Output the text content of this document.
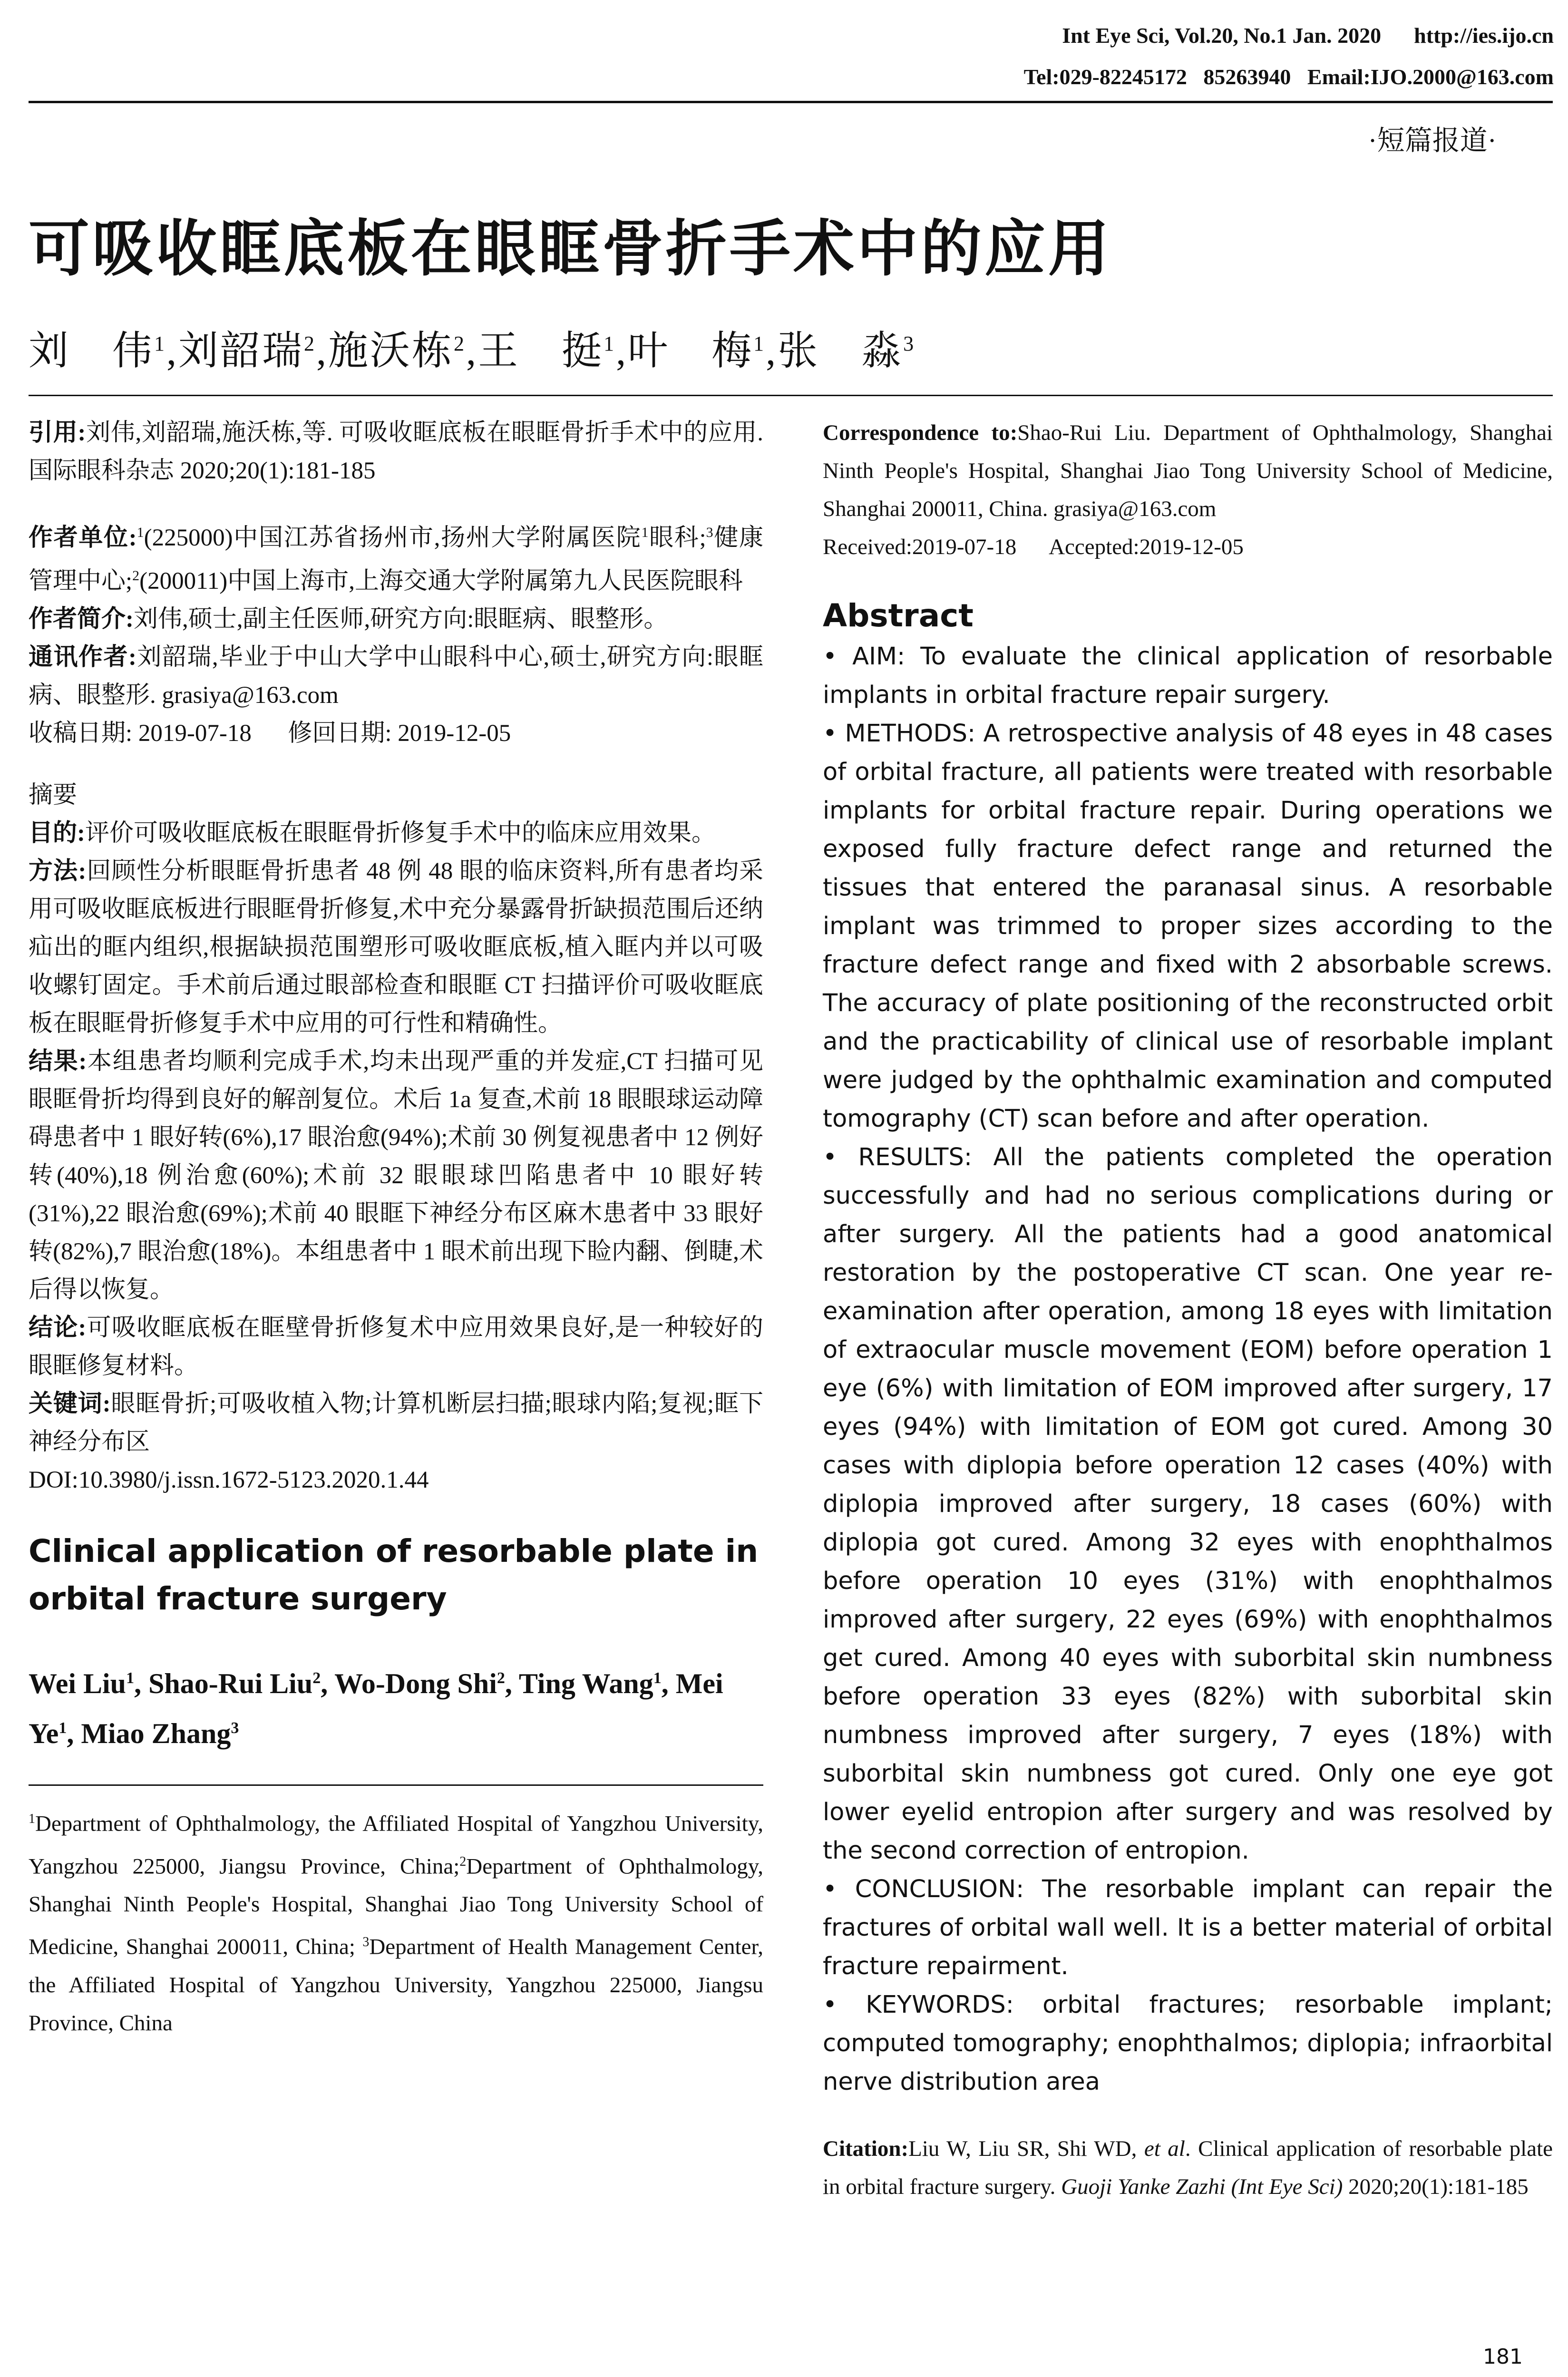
Int Eye Sci, Vol.20, No.1 Jan. 2020      http://ies.ijo.cn
Tel:029-82245172   85263940   Email:IJO.2000@163.com
·短篇报道·
可吸收眶底板在眼眶骨折手术中的应用
刘　伟$^1$,刘韶瑞$^2$,施沃栋$^2$,王　挺$^1$,叶　梅$^1$,张　淼$^3$

引用:刘伟,刘韶瑞,施沃栋,等. 可吸收眶底板在眼眶骨折手术中的应用.国际眼科杂志 2020;20(1):181-185

作者单位:$^1$(225000)中国江苏省扬州市,扬州大学附属医院$^1$眼科;$^3$健康管理中心;$^2$(200011)中国上海市,上海交通大学附属第九人民医院眼科

作者简介:刘伟,硕士,副主任医师,研究方向:眼眶病、眼整形。

通讯作者:刘韶瑞,毕业于中山大学中山眼科中心,硕士,研究方向:眼眶病、眼整形. grasiya@163.com

收稿日期: 2019-07-18      修回日期: 2019-12-05

摘要

目的:评价可吸收眶底板在眼眶骨折修复手术中的临床应用效果。

方法:回顾性分析眼眶骨折患者 48 例 48 眼的临床资料,所有患者均采用可吸收眶底板进行眼眶骨折修复,术中充分暴露骨折缺损范围后还纳疝出的眶内组织,根据缺损范围塑形可吸收眶底板,植入眶内并以可吸收螺钉固定。手术前后通过眼部检查和眼眶 CT 扫描评价可吸收眶底板在眼眶骨折修复手术中应用的可行性和精确性。

结果:本组患者均顺利完成手术,均未出现严重的并发症,CT 扫描可见眼眶骨折均得到良好的解剖复位。术后 1a 复查,术前 18 眼眼球运动障碍患者中 1 眼好转(6%),17 眼治愈(94%);术前 30 例复视患者中 12 例好转(40%),18 例治愈(60%);术前 32 眼眼球凹陷患者中 10 眼好转(31%),22 眼治愈(69%);术前 40 眼眶下神经分布区麻木患者中 33 眼好转(82%),7 眼治愈(18%)。本组患者中 1 眼术前出现下睑内翻、倒睫,术后得以恢复。

结论:可吸收眶底板在眶壁骨折修复术中应用效果良好,是一种较好的眼眶修复材料。

关键词:眼眶骨折;可吸收植入物;计算机断层扫描;眼球内陷;复视;眶下神经分布区

DOI:10.3980/j.issn.1672-5123.2020.1.44

Clinical application of resorbable plate in orbital fracture surgery
Wei Liu$^1$, Shao-Rui Liu$^2$, Wo-Dong Shi$^2$, Ting Wang$^1$, Mei Ye$^1$, Miao Zhang$^3$
$^1$Department of Ophthalmology, the Affiliated Hospital of Yangzhou University, Yangzhou 225000, Jiangsu Province, China;$^2$Department of Ophthalmology, Shanghai Ninth People's Hospital, Shanghai Jiao Tong University School of Medicine, Shanghai 200011, China; $^3$Department of Health Management Center, the Affiliated Hospital of Yangzhou University, Yangzhou 225000, Jiangsu Province, China
Correspondence to:Shao-Rui Liu. Department of Ophthalmology, Shanghai Ninth People's Hospital, Shanghai Jiao Tong University School of Medicine, Shanghai 200011, China. grasiya@163.com
Received:2019-07-18      Accepted:2019-12-05
Abstract

• AIM: To evaluate the clinical application of resorbable implants in orbital fracture repair surgery.

• METHODS: A retrospective analysis of 48 eyes in 48 cases of orbital fracture, all patients were treated with resorbable implants for orbital fracture repair. During operations we exposed fully fracture defect range and returned the tissues that entered the paranasal sinus. A resorbable implant was trimmed to proper sizes according to the fracture defect range and fixed with 2 absorbable screws. The accuracy of plate positioning of the reconstructed orbit and the practicability of clinical use of resorbable implant were judged by the ophthalmic examination and computed tomography (CT) scan before and after operation.

• RESULTS: All the patients completed the operation successfully and had no serious complications during or after surgery. All the patients had a good anatomical restoration by the postoperative CT scan. One year re-examination after operation, among 18 eyes with limitation of extraocular muscle movement (EOM) before operation 1 eye (6%) with limitation of EOM improved after surgery, 17 eyes (94%) with limitation of EOM got cured. Among 30 cases with diplopia before operation 12 cases (40%) with diplopia improved after surgery, 18 cases (60%) with diplopia got cured. Among 32 eyes with enophthalmos before operation 10 eyes (31%) with enophthalmos improved after surgery, 22 eyes (69%) with enophthalmos get cured. Among 40 eyes with suborbital skin numbness before operation 33 eyes (82%) with suborbital skin numbness improved after surgery, 7 eyes (18%) with suborbital skin numbness got cured. Only one eye got lower eyelid entropion after surgery and was resolved by the second correction of entropion.

• CONCLUSION: The resorbable implant can repair the fractures of orbital wall well. It is a better material of orbital fracture repairment.

• KEYWORDS: orbital fractures; resorbable implant; computed tomography; enophthalmos; diplopia; infraorbital nerve distribution area

Citation:Liu W, Liu SR, Shi WD, et al. Clinical application of resorbable plate in orbital fracture surgery. Guoji Yanke Zazhi (Int Eye Sci) 2020;20(1):181-185
181
